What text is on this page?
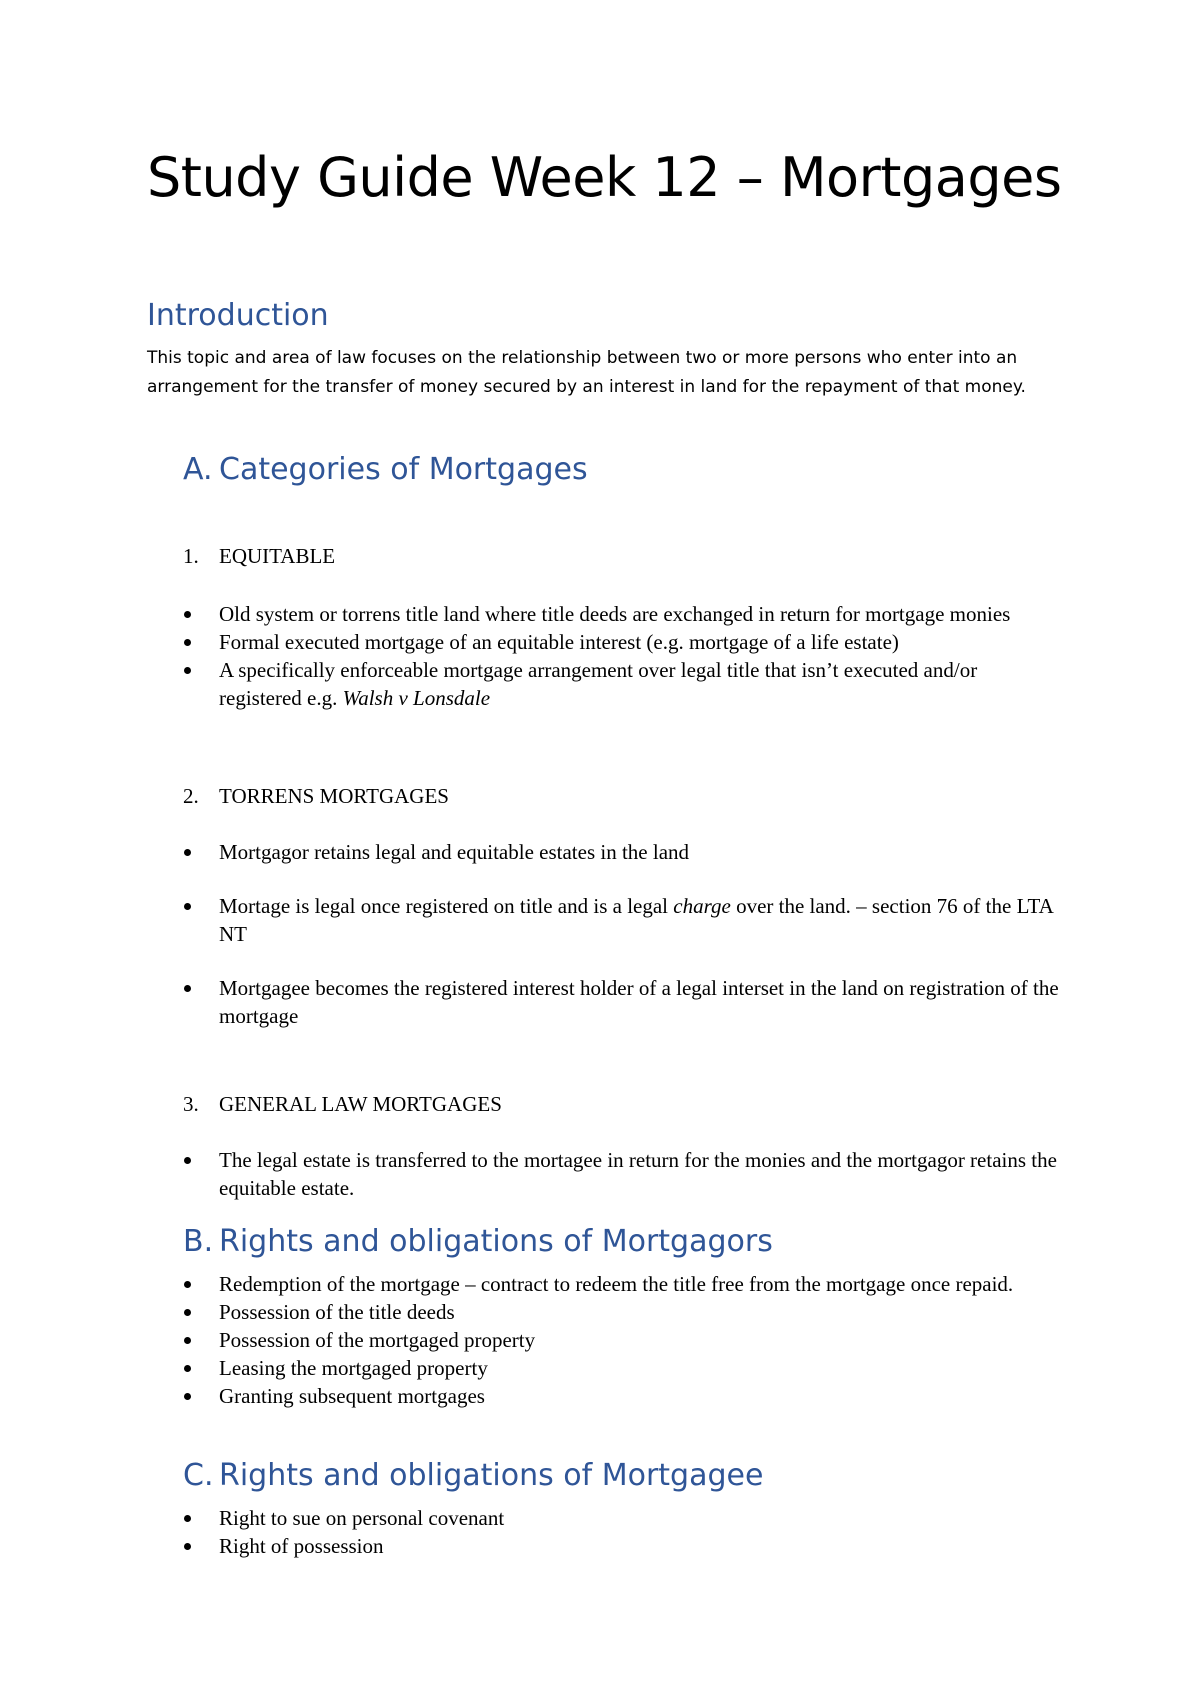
Study Guide Week 12 – Mortgages
Introduction

This topic and area of law focuses on the relationship between two or more persons who enter into an arrangement for the transfer of money secured by an interest in land for the repayment of that money.

A. Categories of Mortgages
1. EQUITABLE
Old system or torrens title land where title deeds are exchanged in return for mortgage monies
Formal executed mortgage of an equitable interest (e.g. mortgage of a life estate)
A specifically enforceable mortgage arrangement over legal title that isn’t executed and/or registered e.g. Walsh v Lonsdale
2. TORRENS MORTGAGES
Mortgagor retains legal and equitable estates in the land
Mortage is legal once registered on title and is a legal charge over the land. – section 76 of the LTA NT
Mortgagee becomes the registered interest holder of a legal interset in the land on registration of the mortgage
3. GENERAL LAW MORTGAGES
The legal estate is transferred to the mortagee in return for the monies and the mortgagor retains the equitable estate.
B. Rights and obligations of Mortgagors
Redemption of the mortgage – contract to redeem the title free from the mortgage once repaid.
Possession of the title deeds
Possession of the mortgaged property
Leasing the mortgaged property
Granting subsequent mortgages
C. Rights and obligations of Mortgagee
Right to sue on personal covenant
Right of possession
